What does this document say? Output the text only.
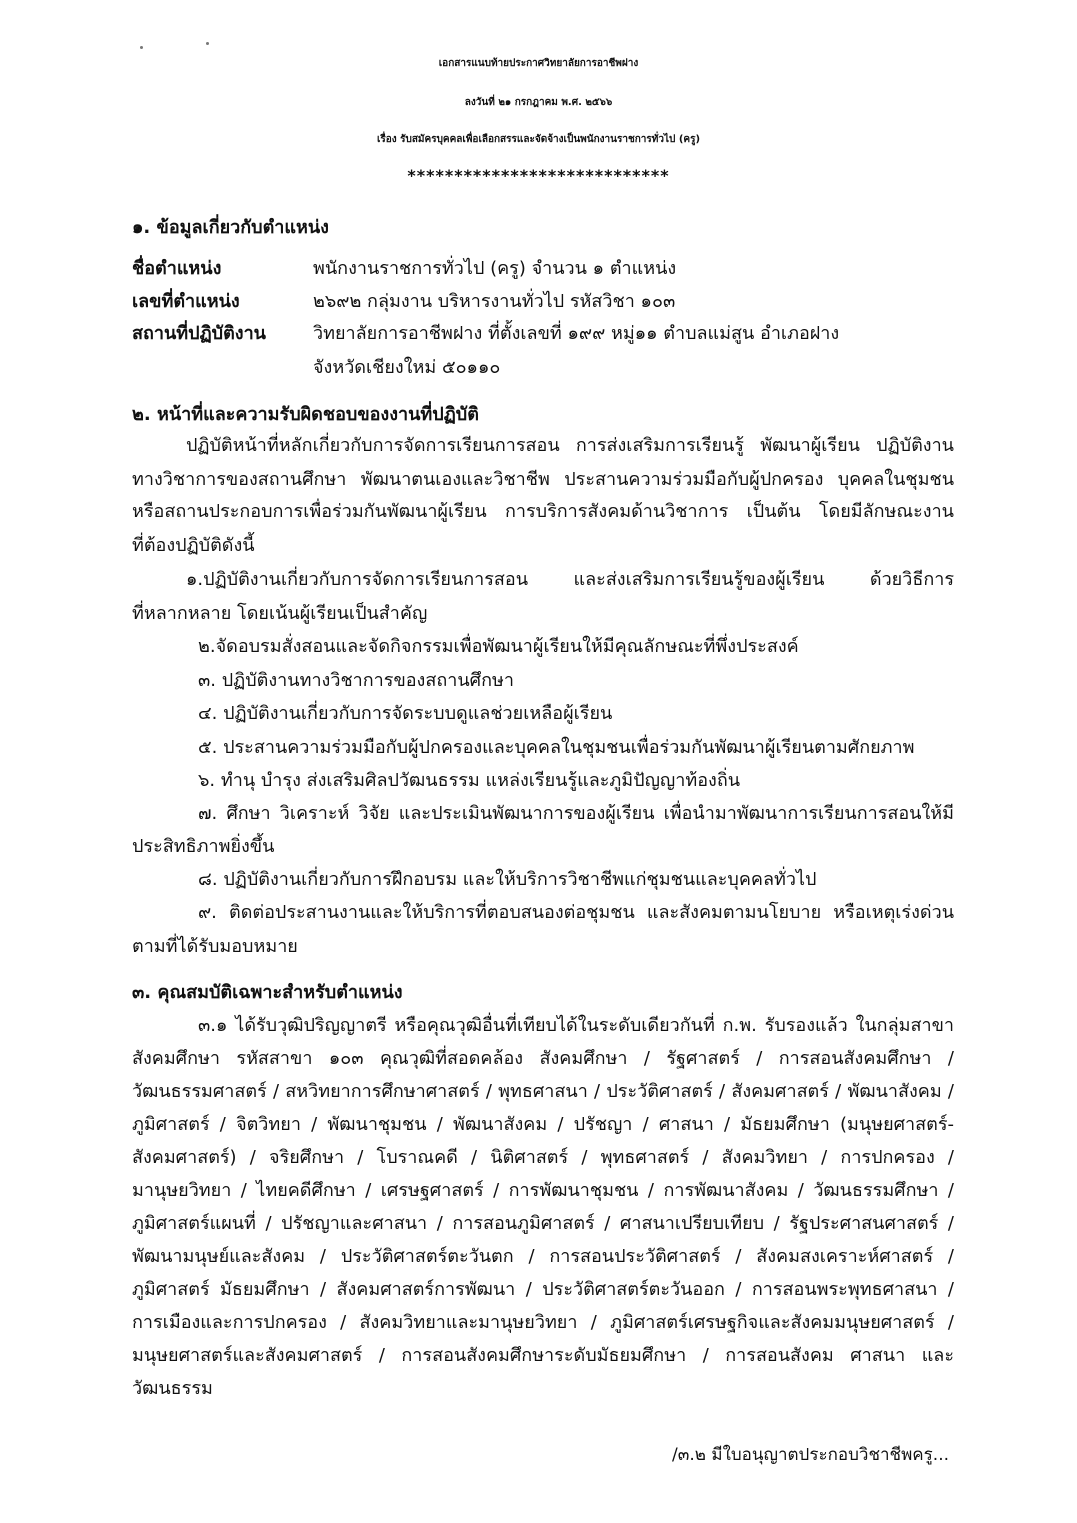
เอกสารแนบท้ายประกาศวิทยาลัยการอาชีพฝาง
ลงวันที่ ๒๑ กรกฎาคม พ.ศ. ๒๕๖๖
เรื่อง รับสมัครบุคคลเพื่อเลือกสรรและจัดจ้างเป็นพนักงานราชการทั่วไป (ครู)
****************************
๑. ข้อมูลเกี่ยวกับตำแหน่ง
ชื่อตำแหน่ง	พนักงานราชการทั่วไป (ครู) จำนวน ๑ ตำแหน่ง
เลขที่ตำแหน่ง	๒๖๙๒ กลุ่มงาน บริหารงานทั่วไป รหัสวิชา ๑๐๓
สถานที่ปฏิบัติงาน	วิทยาลัยการอาชีพฝาง ที่ตั้งเลขที่ ๑๙๙ หมู่๑๑ ตำบลแม่สูน อำเภอฝาง
จังหวัดเชียงใหม่ ๕๐๑๑๐
๒. หน้าที่และความรับผิดชอบของงานที่ปฏิบัติ
ปฏิบัติหน้าที่หลักเกี่ยวกับการจัดการเรียนการสอน การส่งเสริมการเรียนรู้ พัฒนาผู้เรียน ปฏิบัติงาน
ทางวิชาการของสถานศึกษา พัฒนาตนเองและวิชาชีพ ประสานความร่วมมือกับผู้ปกครอง บุคคลในชุมชน
หรือสถานประกอบการเพื่อร่วมกันพัฒนาผู้เรียน การบริการสังคมด้านวิชาการ เป็นต้น โดยมีลักษณะงาน
ที่ต้องปฏิบัติดังนี้
๑.ปฏิบัติงานเกี่ยวกับการจัดการเรียนการสอน และส่งเสริมการเรียนรู้ของผู้เรียน ด้วยวิธีการ
ที่หลากหลาย โดยเน้นผู้เรียนเป็นสำคัญ
๒.จัดอบรมสั่งสอนและจัดกิจกรรมเพื่อพัฒนาผู้เรียนให้มีคุณลักษณะที่พึ่งประสงค์
๓. ปฏิบัติงานทางวิชาการของสถานศึกษา
๔. ปฏิบัติงานเกี่ยวกับการจัดระบบดูแลช่วยเหลือผู้เรียน
๕. ประสานความร่วมมือกับผู้ปกครองและบุคคลในชุมชนเพื่อร่วมกันพัฒนาผู้เรียนตามศักยภาพ
๖. ทำนุ บำรุง ส่งเสริมศิลปวัฒนธรรม แหล่งเรียนรู้และภูมิปัญญาท้องถิ่น
๗. ศึกษา วิเคราะห์ วิจัย และประเมินพัฒนาการของผู้เรียน เพื่อนำมาพัฒนาการเรียนการสอนให้มี
ประสิทธิภาพยิ่งขึ้น
๘. ปฏิบัติงานเกี่ยวกับการฝึกอบรม และให้บริการวิชาชีพแก่ชุมชนและบุคคลทั่วไป
๙. ติดต่อประสานงานและให้บริการที่ตอบสนองต่อชุมชน และสังคมตามนโยบาย หรือเหตุเร่งด่วน
ตามที่ได้รับมอบหมาย
๓. คุณสมบัติเฉพาะสำหรับตำแหน่ง
๓.๑ ได้รับวุฒิปริญญาตรี หรือคุณวุฒิอื่นที่เทียบได้ในระดับเดียวกันที่ ก.พ. รับรองแล้ว ในกลุ่มสาขา
สังคมศึกษา รหัสสาขา ๑๐๓ คุณวุฒิที่สอดคล้อง สังคมศึกษา / รัฐศาสตร์ / การสอนสังคมศึกษา /
วัฒนธรรมศาสตร์ / สหวิทยาการศึกษาศาสตร์ / พุทธศาสนา / ประวัติศาสตร์ / สังคมศาสตร์ / พัฒนาสังคม /
ภูมิศาสตร์ / จิตวิทยา / พัฒนาชุมชน / พัฒนาสังคม / ปรัชญา / ศาสนา / มัธยมศึกษา (มนุษยศาสตร์-
สังคมศาสตร์) / จริยศึกษา / โบราณคดี / นิติศาสตร์ / พุทธศาสตร์ / สังคมวิทยา / การปกครอง /
มานุษยวิทยา / ไทยคดีศึกษา / เศรษฐศาสตร์ / การพัฒนาชุมชน / การพัฒนาสังคม / วัฒนธรรมศึกษา /
ภูมิศาสตร์แผนที่ / ปรัชญาและศาสนา / การสอนภูมิศาสตร์ / ศาสนาเปรียบเทียบ / รัฐประศาสนศาสตร์ /
พัฒนามนุษย์และสังคม / ประวัติศาสตร์ตะวันตก / การสอนประวัติศาสตร์ / สังคมสงเคราะห์ศาสตร์ /
ภูมิศาสตร์ มัธยมศึกษา / สังคมศาสตร์การพัฒนา / ประวัติศาสตร์ตะวันออก / การสอนพระพุทธศาสนา /
การเมืองและการปกครอง / สังคมวิทยาและมานุษยวิทยา / ภูมิศาสตร์เศรษฐกิจและสังคมมนุษยศาสตร์ /
มนุษยศาสตร์และสังคมศาสตร์ / การสอนสังคมศึกษาระดับมัธยมศึกษา / การสอนสังคม ศาสนา และ
วัฒนธรรม
/๓.๒ มีใบอนุญาตประกอบวิชาชีพครู...
